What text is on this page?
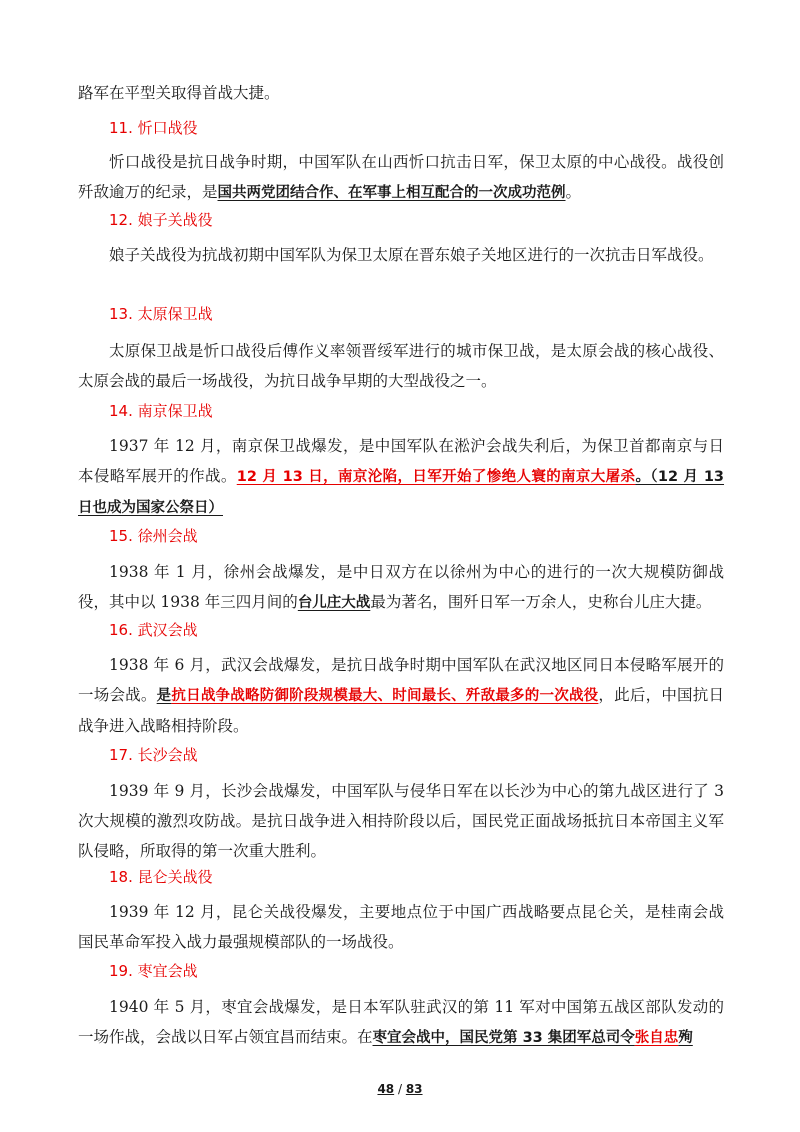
路军在平型关取得首战大捷。

11. 忻口战役

忻口战役是抗日战争时期，中国军队在山西忻口抗击日军，保卫太原的中心战役。战役创歼敌逾万的纪录，是国共两党团结合作、在军事上相互配合的一次成功范例。

12. 娘子关战役

娘子关战役为抗战初期中国军队为保卫太原在晋东娘子关地区进行的一次抗击日军战役。

13. 太原保卫战

太原保卫战是忻口战役后傅作义率领晋绥军进行的城市保卫战，是太原会战的核心战役、太原会战的最后一场战役，为抗日战争早期的大型战役之一。

14. 南京保卫战

1937 年 12 月，南京保卫战爆发，是中国军队在淞沪会战失利后，为保卫首都南京与日本侵略军展开的作战。12 月 13 日，南京沦陷，日军开始了惨绝人寰的南京大屠杀。（12 月 13 日也成为国家公祭日）

15. 徐州会战

1938 年 1 月，徐州会战爆发，是中日双方在以徐州为中心的进行的一次大规模防御战役，其中以 1938 年三四月间的台儿庄大战最为著名，围歼日军一万余人，史称台儿庄大捷。

16. 武汉会战

1938 年 6 月，武汉会战爆发，是抗日战争时期中国军队在武汉地区同日本侵略军展开的一场会战。是抗日战争战略防御阶段规模最大、时间最长、歼敌最多的一次战役，此后，中国抗日战争进入战略相持阶段。

17. 长沙会战

1939 年 9 月，长沙会战爆发，中国军队与侵华日军在以长沙为中心的第九战区进行了 3 次大规模的激烈攻防战。是抗日战争进入相持阶段以后，国民党正面战场抵抗日本帝国主义军队侵略，所取得的第一次重大胜利。

18. 昆仑关战役

1939 年 12 月，昆仑关战役爆发，主要地点位于中国广西战略要点昆仑关，是桂南会战国民革命军投入战力最强规模部队的一场战役。

19. 枣宜会战

1940 年 5 月，枣宜会战爆发，是日本军队驻武汉的第 11 军对中国第五战区部队发动的一场作战，会战以日军占领宜昌而结束。在枣宜会战中，国民党第 33 集团军总司令张自忠殉

48 / 83
